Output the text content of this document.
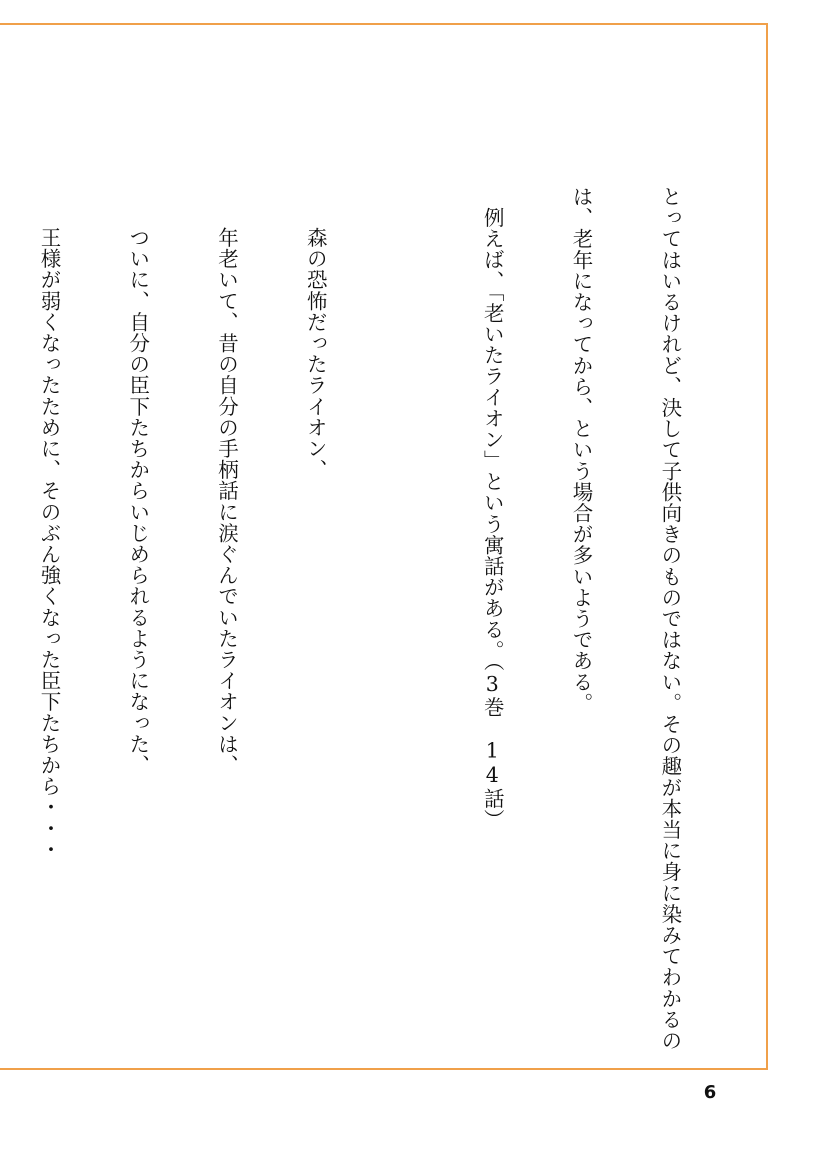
とってはいるけれど、決して子供向きのものではない。その趣が本当に身に染みてわかるの

は、老年になってから、という場合が多いようである。

例えば、「老いたライオン」という寓話がある。（3巻　14話）

森の恐怖だったライオン、

年老いて、昔の自分の手柄話に涙ぐんでいたライオンは、

ついに、自分の臣下たちからいじめられるようになった、

王様が弱くなったために、そのぶん強くなった臣下たちから・・・

6
